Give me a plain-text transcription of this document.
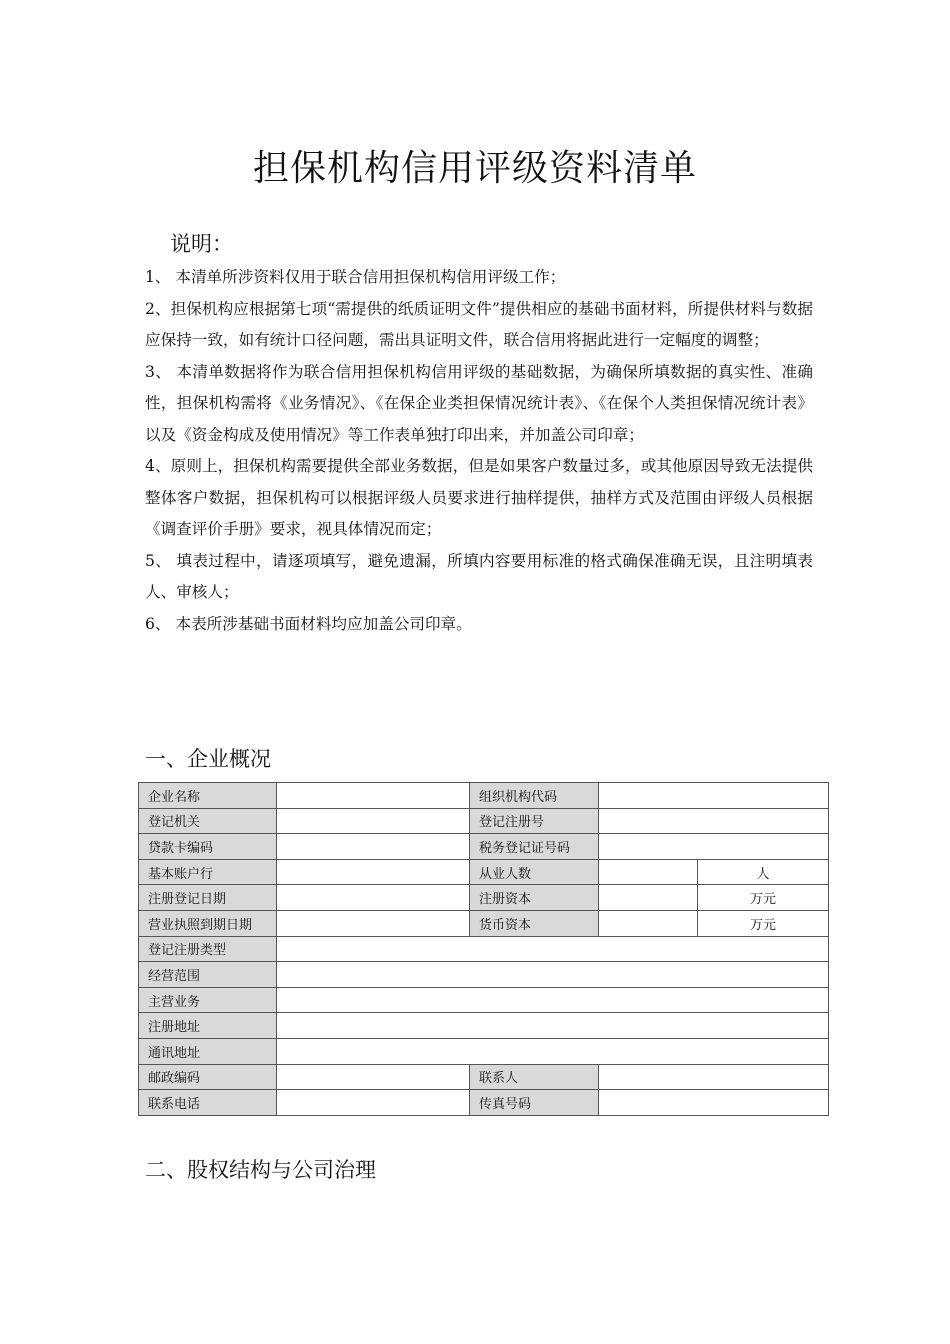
担保机构信用评级资料清单
说明：

1、 本清单所涉资料仅用于联合信用担保机构信用评级工作；

2、担保机构应根据第七项“需提供的纸质证明文件”提供相应的基础书面材料，所提供材料与数据应保持一致，如有统计口径问题，需出具证明文件，联合信用将据此进行一定幅度的调整；

3、 本清单数据将作为联合信用担保机构信用评级的基础数据，为确保所填数据的真实性、准确性，担保机构需将《业务情况》、《在保企业类担保情况统计表》、《在保个人类担保情况统计表》以及《资金构成及使用情况》等工作表单独打印出来，并加盖公司印章；

4、原则上，担保机构需要提供全部业务数据，但是如果客户数量过多，或其他原因导致无法提供整体客户数据，担保机构可以根据评级人员要求进行抽样提供，抽样方式及范围由评级人员根据《调查评价手册》要求，视具体情况而定；

5、 填表过程中，请逐项填写，避免遗漏，所填内容要用标准的格式确保准确无误，且注明填表人、审核人；

6、 本表所涉基础书面材料均应加盖公司印章。

一、企业概况
企业名称		组织机构代码		
登记机关		登记注册号		
贷款卡编码		税务登记证号码		
基本账户行		从业人数		人
注册登记日期		注册资本		万元
营业执照到期日期		货币资本		万元
登记注册类型				
经营范围				
主营业务				
注册地址				
通讯地址				
邮政编码		联系人		
联系电话		传真号码		
二、股权结构与公司治理
